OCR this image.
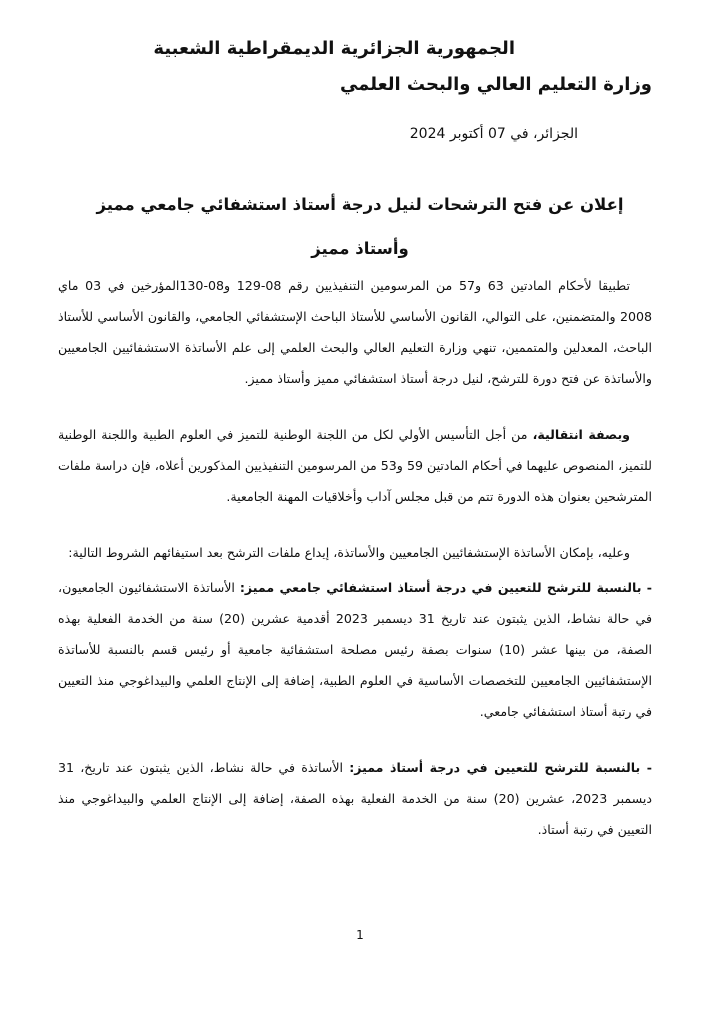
الجمهورية الجزائرية الديمقراطية الشعبية
وزارة التعليم العالي والبحث العلمي
الجزائر، في 07 أكتوبر 2024
إعلان عن فتح الترشحات لنيل درجة أستاذ استشفائي جامعي مميز
وأستاذ مميز

تطبيقا لأحكام المادتين 63 و57 من المرسومين التنفيذيين رقم 08-129 و08-130المؤرخين في 03 ماي 2008 والمتضمنين، على التوالي، القانون الأساسي للأستاذ الباحث الإستشفائي الجامعي، والقانون الأساسي للأستاذ الباحث، المعدلين والمتممين، تنهي وزارة التعليم العالي والبحث العلمي إلى علم الأساتذة الاستشفائيين الجامعيين والأساتذة عن فتح دورة للترشح، لنيل درجة أستاذ استشفائي مميز وأستاذ مميز.

وبصفة انتقالية، من أجل التأسيس الأولي لكل من اللجنة الوطنية للتميز في العلوم الطبية واللجنة الوطنية للتميز، المنصوص عليهما في أحكام المادتين 59 و53 من المرسومين التنفيذيين المذكورين أعلاه، فإن دراسة ملفات المترشحين بعنوان هذه الدورة تتم من قبل مجلس آداب وأخلاقيات المهنة الجامعية.

وعليه، بإمكان الأساتذة الإستشفائيين الجامعيين والأساتذة، إيداع ملفات الترشح بعد استيفائهم الشروط التالية:

- بالنسبة للترشح للتعيين في درجة أستاذ استشفائي جامعي مميز: الأساتذة الاستشفائيون الجامعيون، في حالة نشاط، الذين يثبتون عند تاريخ 31 ديسمبر 2023 أقدمية عشرين (20) سنة من الخدمة الفعلية بهذه الصفة، من بينها عشر (10) سنوات بصفة رئيس مصلحة استشفائية جامعية أو رئيس قسم بالنسبة للأساتذة الإستشفائيين الجامعيين للتخصصات الأساسية في العلوم الطبية، إضافة إلى الإنتاج العلمي والبيداغوجي منذ التعيين في رتبة أستاذ استشفائي جامعي.

- بالنسبة للترشح للتعيين في درجة أستاذ مميز: الأساتذة في حالة نشاط، الذين يثبتون عند تاريخ، 31 ديسمبر 2023، عشرين (20) سنة من الخدمة الفعلية بهذه الصفة، إضافة إلى الإنتاج العلمي والبيداغوجي منذ التعيين في رتبة أستاذ.

1
